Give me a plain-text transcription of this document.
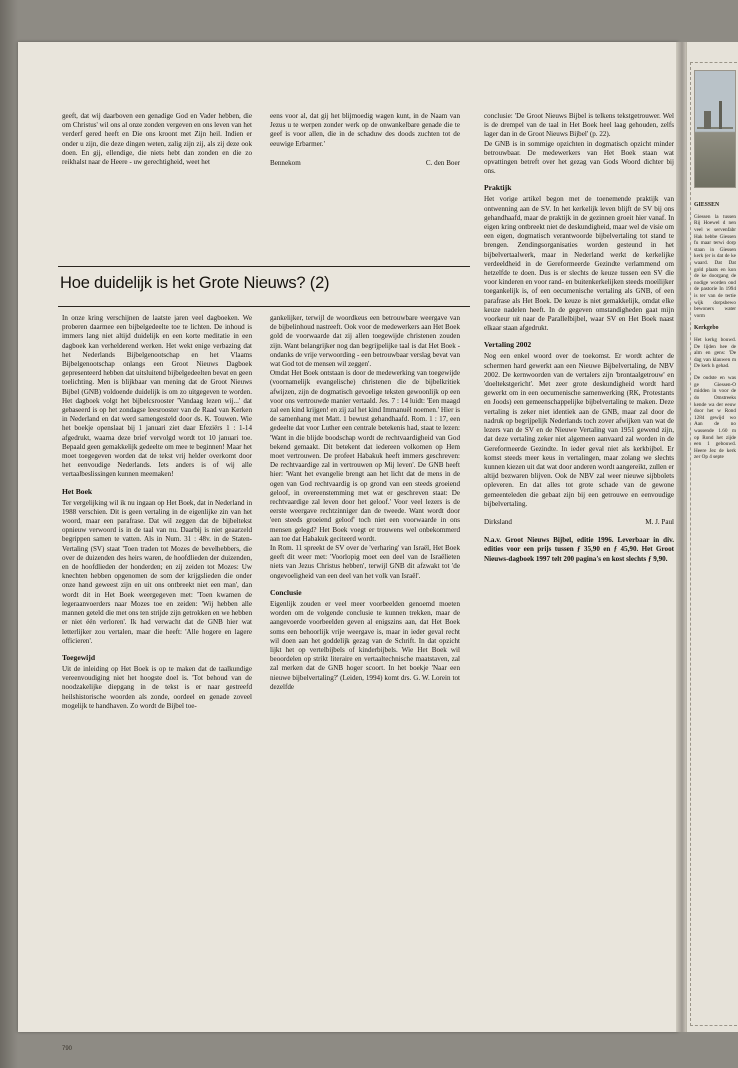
geeft, dat wij daarboven een genadige God en Vader hebben, die om Christus' wil ons al onze zonden vergeven en ons leven van het verderf gered heeft en Die ons kroont met Zijn heil. Indien er onder u zijn, die deze dingen weten, zalig zijn zij, als zij deze ook doen. En gij, ellendige, die niets hebt dan zonden en die zo reikhalst naar de Heere - uw gerechtigheid, weet het

eens voor al, dat gij het blijmoedig wagen kunt, in de Naam van Jezus u te werpen zonder werk op de onwankelbare genade die te geef is voor allen, die in de schaduw des doods zuchten tot de eeuwige Erbarmer.'

Bennekom	C. den Boer

conclusie: 'De Groot Nieuws Bijbel is telkens tekstgetrouwer. Wel is de drempel van de taal in Het Boek heel laag gehouden, zelfs lager dan in de Groot Nieuws Bijbel' (p. 22).

De GNB is in sommige opzichten in dogmatisch opzicht minder betrouwbaar. De medewerkers van Het Boek staan wat opvattingen betreft over het gezag van Gods Woord dichter bij ons.

Praktijk

Het vorige artikel begon met de toenemende praktijk van ontwenning aan de SV. In het kerkelijk leven blijft de SV bij ons gehandhaafd, maar de praktijk in de gezinnen groeit hier vanaf. In eigen kring ontbreekt niet de deskundigheid, maar wel de visie om een eigen, dogmatisch verantwoorde bijbelvertaling tot stand te brengen. Zendingsorganisaties worden gesteund in het bijbelvertaalwerk, maar in Nederland werkt de kerkelijke verdeeldheid in de Gereformeerde Gezindte verlammend om hetzelfde te doen. Dus is er slechts de keuze tussen een SV die voor kinderen en voor rand- en buitenkerkelijken steeds moeilijker toegankelijk is, of een oecumenische vertaling als GNB, of een parafrase als Het Boek. De keuze is niet gemakkelijk, omdat elke keuze nadelen heeft. In de gegeven omstandigheden gaat mijn voorkeur uit naar de Parallelbijbel, waar SV en Het Boek naast elkaar staan afgedrukt.

Vertaling 2002

Nog een enkel woord over de toekomst. Er wordt achter de schermen hard gewerkt aan een Nieuwe Bijbelvertaling, de NBV 2002. De kernwoorden van de vertalers zijn 'brontaalgetrouw' en 'doeltekstgericht'. Met zeer grote deskundigheid wordt hard gewerkt om in een oecumenische samenwerking (RK, Protestants en Joods) een gemeenschappelijke bijbelvertaling te maken. Deze vertaling is zeker niet identiek aan de GNB, maar zal door de nadruk op begrijpelijk Nederlands toch zover afwijken van wat de lezers van de SV en de Nieuwe Vertaling van 1951 gewend zijn, dat deze vertaling zeker niet algemeen aanvaard zal worden in de Gereformeerde Gezindte. In ieder geval niet als kerkbijbel. Er komst steeds meer keus in vertalingen, maar zolang we slechts kunnen kiezen uit dat wat door anderen wordt aangereikt, zullen er altijd bezwaren blijven. Ook de NBV zal weer nieuwe sijbbolets opleveren. En dat alles tot grote schade van de gewone gemeenteleden die gebaat zijn bij een getrouwe en eenvoudige bijbelvertaling.

Dirksland	M. J. Paul
N.a.v. Groot Nieuws Bijbel, editie 1996. Leverbaar in div. edities voor een prijs tussen ƒ 35,90 en ƒ 45,90. Het Groot Nieuws-dagboek 1997 telt 200 pagina's en kost slechts ƒ 9,90.
Hoe duidelijk is het Grote Nieuws? (2)

In onze kring verschijnen de laatste jaren veel dagboeken. We proberen daarmee een bijbelgedeelte toe te lichten. De inhoud is immers lang niet altijd duidelijk en een korte meditatie in een dagboek kan verhelderend werken. Het wekt enige verbazing dat het Nederlands Bijbelgenootschap en het Vlaams Bijbelgenootschap onlangs een Groot Nieuws Dagboek gepresenteerd hebben dat uitsluitend bijbelgedeelten bevat en geen toelichting. Men is blijkbaar van mening dat de Groot Nieuws Bijbel (GNB) voldoende duidelijk is om zo uitgegeven te worden. Het dagboek volgt het bijbelcsrooster 'Vandaag lezen wij...' dat gebaseerd is op het zondagse leesrooster van de Raad van Kerken in Nederland en dat werd samengesteld door ds. K. Touwen. Wie het boekje openslaat bij 1 januari ziet daar Efeziërs 1 : 1-14 afgedrukt, waarna deze brief vervolgd wordt tot 10 januari toe. Bepaald geen gemakkelijk gedeelte om mee te beginnen! Maar het moet toegegeven worden dat de tekst vrij helder overkomt door het eenvoudige Nederlands. Iets anders is of wij alle vertaalbeslissingen kunnen meemaken!

Het Boek

Ter vergelijking wil ik nu ingaan op Het Boek, dat in Nederland in 1988 verschien. Dit is geen vertaling in de eigenlijke zin van het woord, maar een parafrase. Dat wil zeggen dat de bijbeltekst opnieuw verwoord is in de taal van nu. Daarbij is niet geaarzeld begrippen samen te vatten. Als in Num. 31 : 48v. in de Staten-Vertaling (SV) staat 'Toen traden tot Mozes de bevelhebbers, die over de duizenden des heirs waren, de hoofdlieden der duizenden, en de hoofdlieden der honderden; en zij zeiden tot Mozes: Uw knechten hebben opgenomen de som der krijgslieden die onder onze hand geweest zijn en uit ons ontbreekt niet een man', dan wordt dit in Het Boek weergegeven met: 'Toen kwamen de legeraanvoerders naar Mozes toe en zeiden: 'Wij hebben alle mannen geteld die met ons ten strijde zijn getrokken en we hebben er niet één verloren'. Ik had verwacht dat de GNB hier wat letterlijker zou vertalen, maar die heeft: 'Alle hogere en lagere officieren'.

Toegewijd

Uit de inleiding op Het Boek is op te maken dat de taalkundige vereenvoudiging niet het hoogste doel is. 'Tot behoud van de noodzakelijke diepgang in de tekst is er naar gestreefd heilshistorische woorden als zonde, oordeel en genade zoveel mogelijk te handhaven. Zo wordt de Bijbel toe-

gankelijker, terwijl de woordkeus een betrouwbare weergave van de bijbelinhoud nastreeft. Ook voor de medewerkers aan Het Boek gold de voorwaarde dat zij allen toegewijde christenen zouden zijn. Want belangrijker nog dan begrijpelijke taal is dat Het Boek - ondanks de vrije verwoording - een betrouwbaar verslag bevat van wat God tot de mensen wil zeggen'.

Omdat Het Boek ontstaan is door de medewerking van toegewijde (voornamelijk evangelische) christenen die de bijbelkritiek afwijzen, zijn de dogmatisch gevoelige teksten gewoonlijk op een voor ons vertrouwde manier vertaald. Jes. 7 : 14 luidt: 'Een maagd zal een kind krijgen! en zij zal het kind Immanuël noemen.' Hier is de samenhang met Matt. 1 bewust gehandhaafd. Rom. 1 : 17, een gedeelte dat voor Luther een centrale betekenis had, staat te lezen: 'Want in die blijde boodschap wordt de rechtvaardigheid van God bekend gemaakt. Dit betekent dat iedereen volkomen op Hem moet vertrouwen. De profeet Habakuk heeft immers geschreven: De rechtvaardige zal in vertrouwen op Mij leven'. De GNB heeft hier: 'Want het evangelie brengt aan het licht dat de mens in de ogen van God rechtvaardig is op grond van een steeds groeiend geloof, in overeenstemming met wat er geschreven staat: De rechtvaardige zal leven door het geloof.' Voor veel lezers is de eerste weergave rechtzinniger dan de tweede. Want wordt door 'een steeds groeiend geloof' toch niet een voorwaarde in ons mensen gelegd? Het Boek voegt er trouwens wel onbekommerd aan toe dat Habakuk geciteerd wordt.

In Rom. 11 spreekt de SV over de 'verharing' van Israël, Het Boek geeft dit weer met: 'Voorlopig moet een deel van de Israëlieten niets van Jezus Christus hebben', terwijl GNB dit afzwakt tot 'de ongevoeligheid van een deel van het volk van Israël'.

Conclusie

Eigenlijk zouden er veel meer voorbeelden genoemd moeten worden om de volgende conclusie te kunnen trekken, maar de aangevoerde voorbeelden geven al enigszins aan, dat Het Boek soms een behoorlijk vrije weergave is, maar in ieder geval recht wil doen aan het goddelijk gezag van de Schrift. In dat opzicht lijkt het op vertelbijbels of kinderbijbels. Wie Het Boek wil beoordelen op strikt literaire en vertaaltechnische maatstaven, zal zal merken dat de GNB hoger scoort. In het boekje 'Naar een nieuwe bijbelvertaling?' (Leiden, 1994) komt drs. G. W. Lorein tot dezelfde

790
GIESSEN

Giessen la tussen Rij Hoewel d nen veel w servenfabr Hak hebbe Giessen fu maar terwi dorp staan in Giessen kerk (er is dat de ke waard. Dat Dat gold plaats en kon de ke doorgang de nodige worden ond de pastorie In 1994 is ter van de tertie wijk dorpsbewo bewoners water vorm

Kerkgebo

Het kerkg bouwd. De lijden hee de alm en gens: 'De dag van klauwen m De kerk h gehad.

De oudste en was ge Giessen-O midden in voor de do Omstreeks kende wa der eeuw door het w Rond 1284 gewijd wo Aan de no wassende 1.60 m op Rond het zijde een 1 gebouwd. Heere Jez de kerk zer Op 4 septe
